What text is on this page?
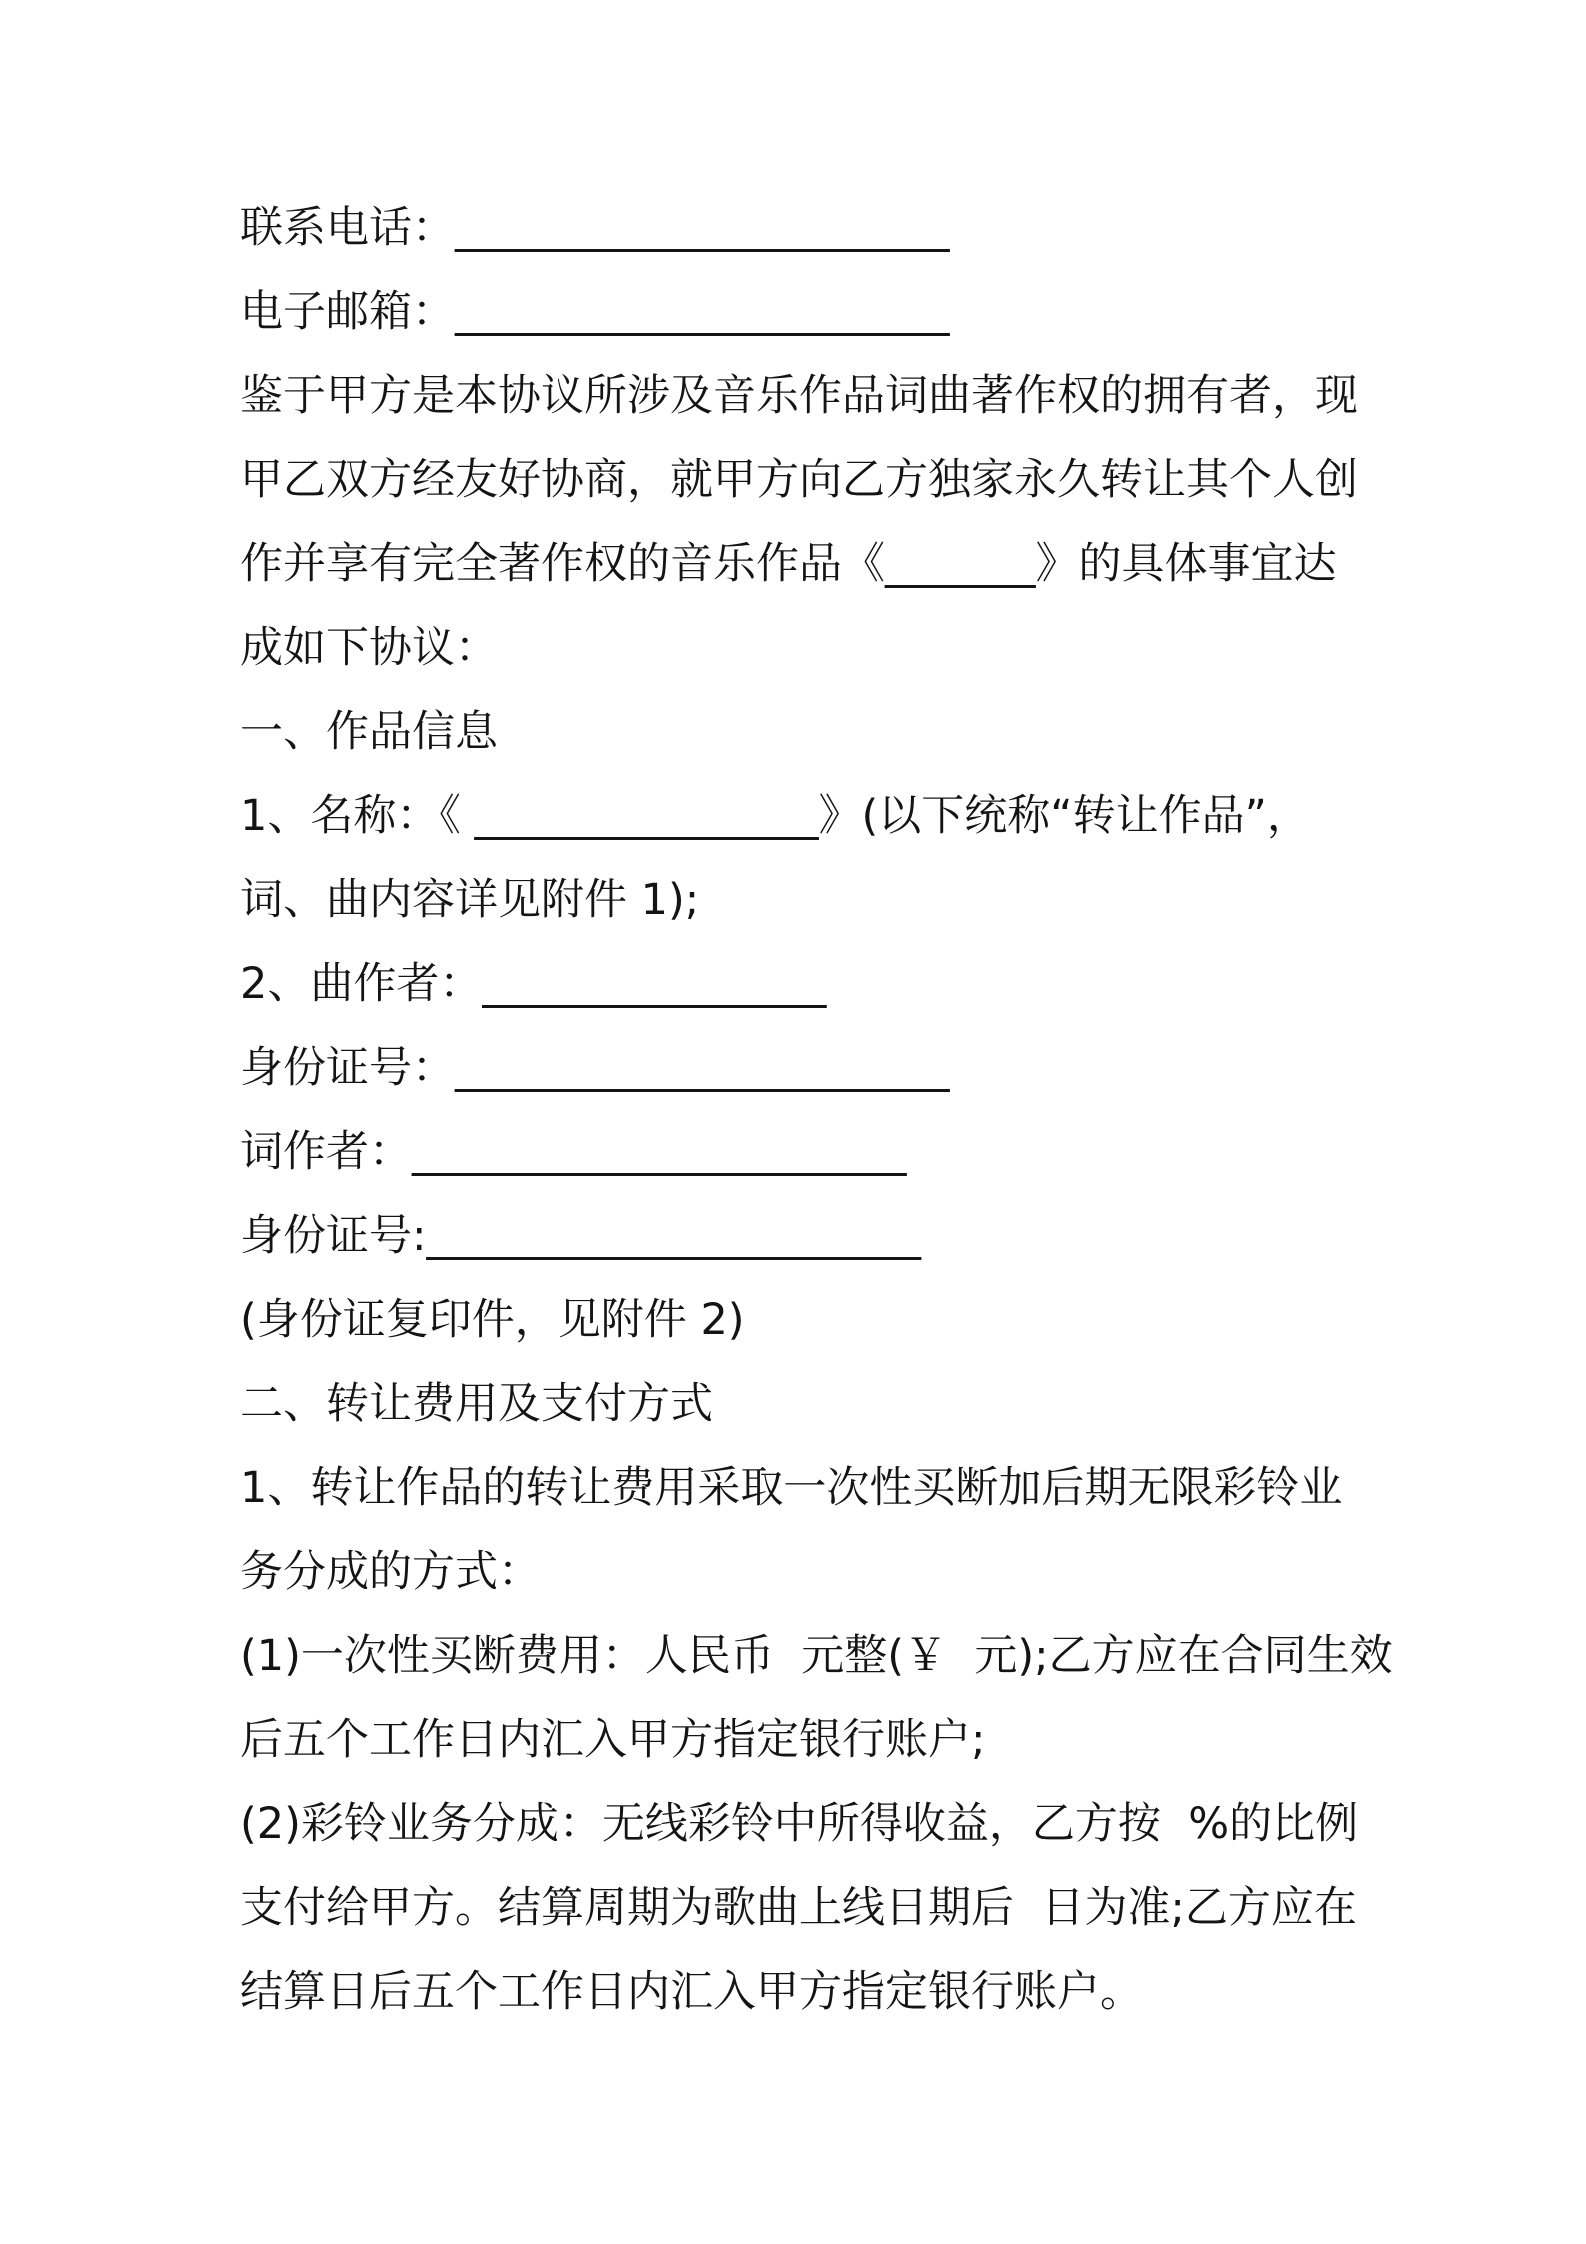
联系电话：_______________________
电子邮箱：_______________________
鉴于甲方是本协议所涉及音乐作品词曲著作权的拥有者，现
甲乙双方经友好协商，就甲方向乙方独家永久转让其个人创
作并享有完全著作权的音乐作品《_______》的具体事宜达
成如下协议：
一、作品信息
1、名称：《 ________________》(以下统称“转让作品”，
词、曲内容详见附件 1);
2、曲作者：________________
身份证号：_______________________
词作者：_______________________
身份证号:_______________________
(身份证复印件，见附件 2)
二、转让费用及支付方式
1、转让作品的转让费用采取一次性买断加后期无限彩铃业
务分成的方式：
(1)一次性买断费用：人民币  元整(￥  元);乙方应在合同生效
后五个工作日内汇入甲方指定银行账户;
(2)彩铃业务分成：无线彩铃中所得收益，乙方按  %的比例
支付给甲方。结算周期为歌曲上线日期后  日为准;乙方应在
结算日后五个工作日内汇入甲方指定银行账户。
